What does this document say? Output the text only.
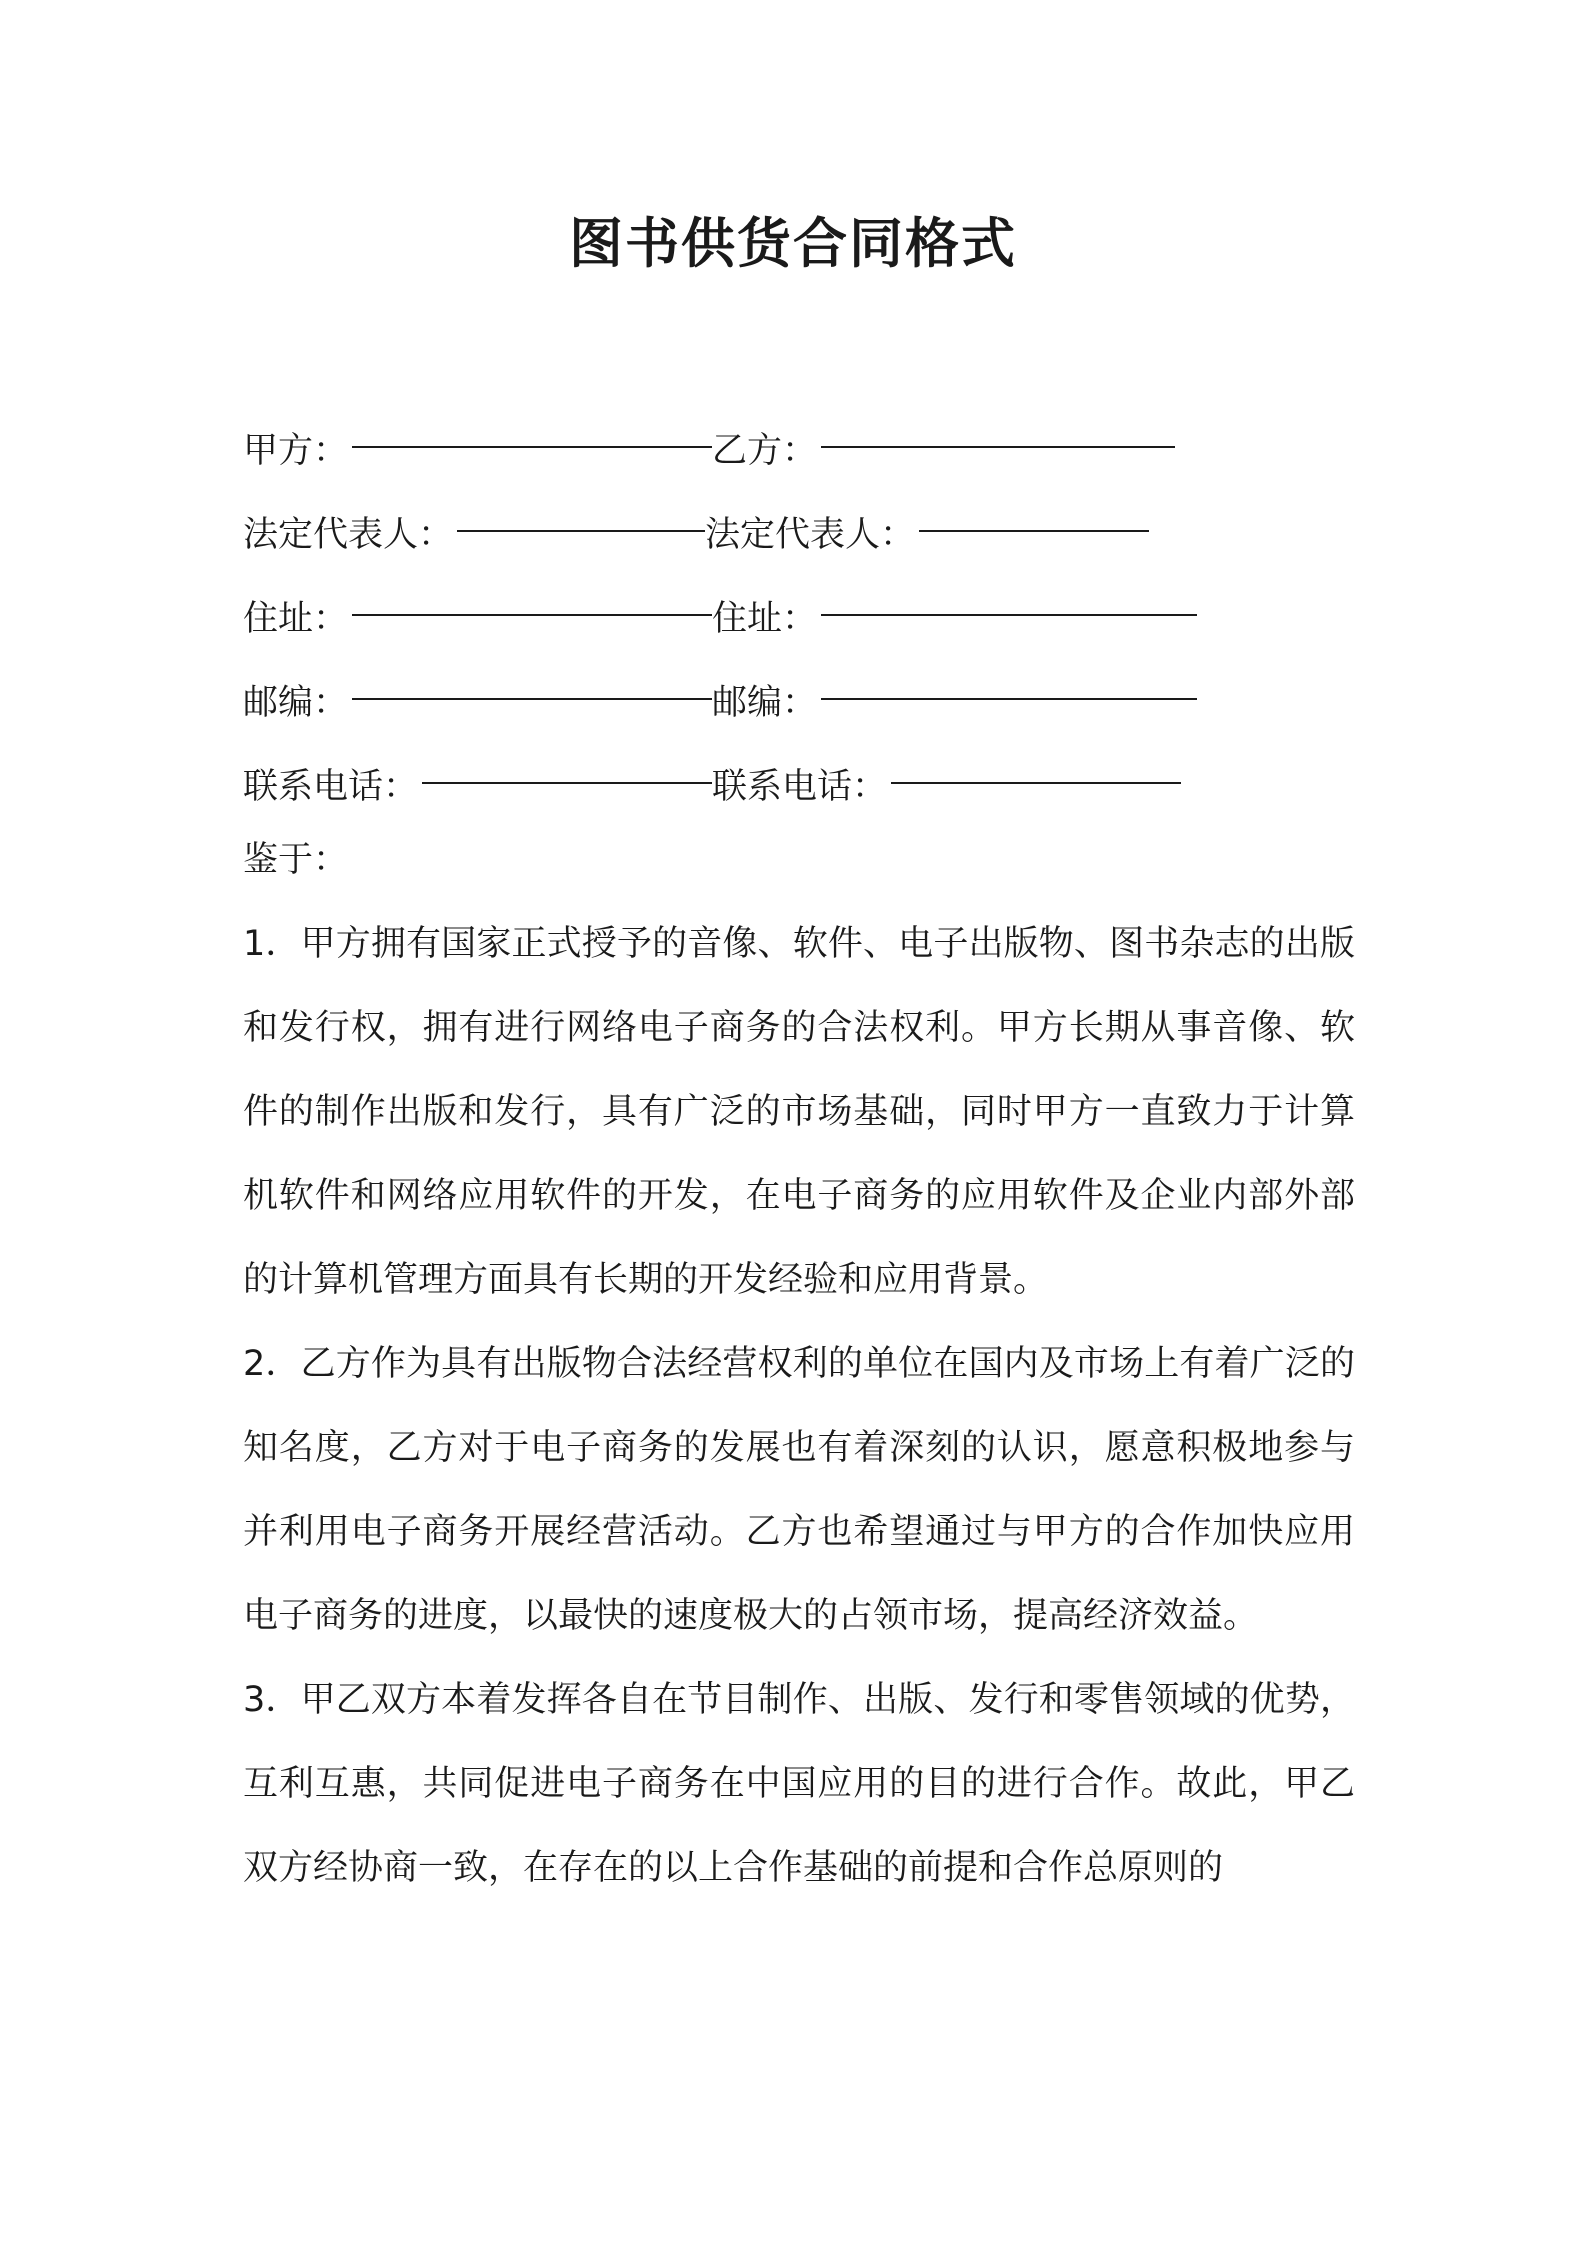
图书供货合同格式
甲方：	乙方：
法定代表人：	法定代表人：
住址：	住址：
邮编：	邮编：
联系电话：	联系电话：
鉴于：

1．甲方拥有国家正式授予的音像、软件、电子出版物、图书杂志的出版和发行权，拥有进行网络电子商务的合法权利。甲方长期从事音像、软件的制作出版和发行，具有广泛的市场基础，同时甲方一直致力于计算机软件和网络应用软件的开发，在电子商务的应用软件及企业内部外部的计算机管理方面具有长期的开发经验和应用背景。

2．乙方作为具有出版物合法经营权利的单位在国内及市场上有着广泛的知名度，乙方对于电子商务的发展也有着深刻的认识，愿意积极地参与并利用电子商务开展经营活动。乙方也希望通过与甲方的合作加快应用电子商务的进度，以最快的速度极大的占领市场，提高经济效益。

3．甲乙双方本着发挥各自在节目制作、出版、发行和零售领域的优势，互利互惠，共同促进电子商务在中国应用的目的进行合作。故此，甲乙双方经协商一致，在存在的以上合作基础的前提和合作总原则的
